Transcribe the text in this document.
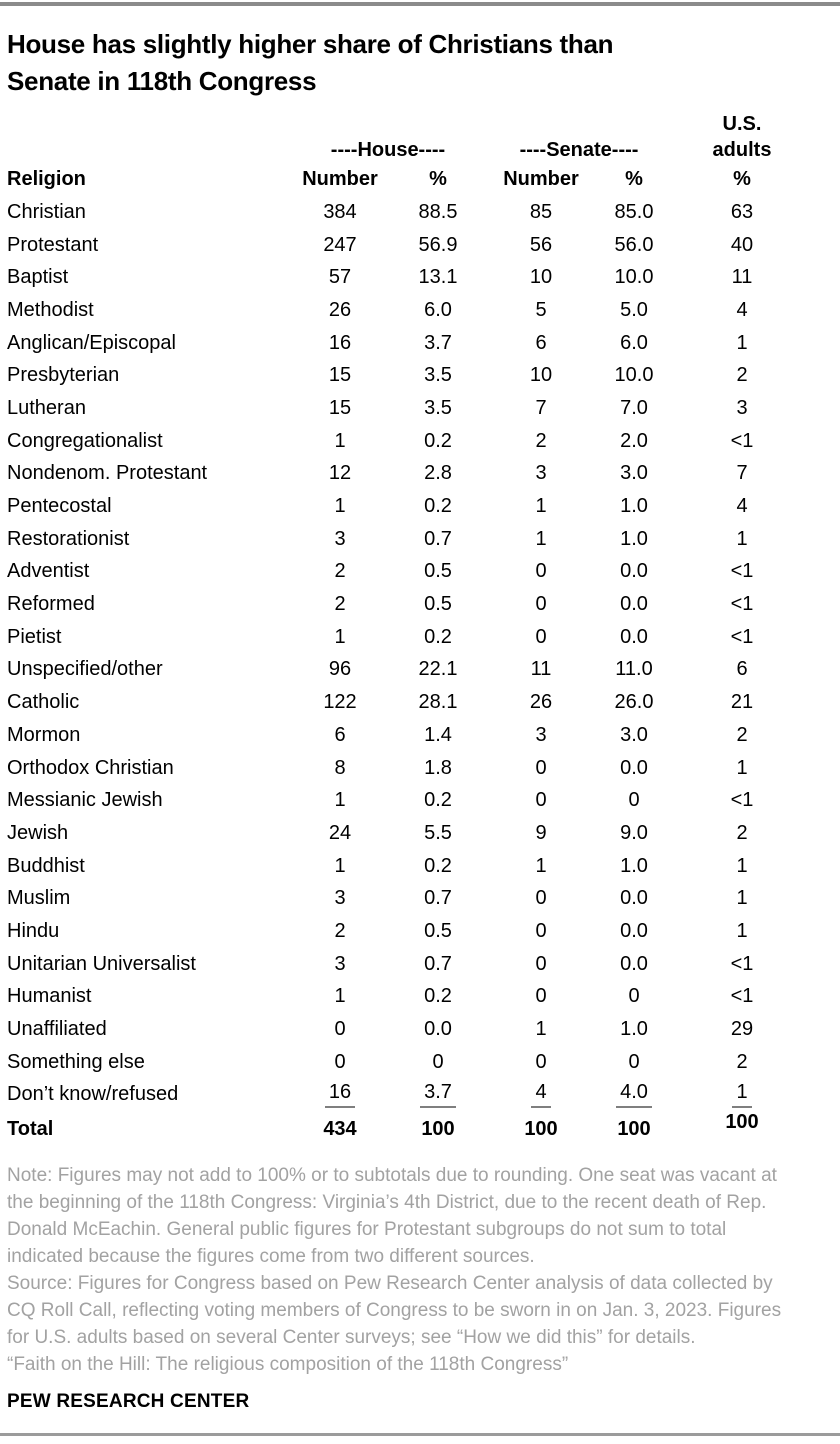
House has slightly higher share of Christians than
Senate in 118th Congress
					U.S.
	----House----		----Senate----		adults
Religion	Number	%	Number	%	%
Christian	384	88.5	85	85.0	63
Protestant	247	56.9	56	56.0	40
Baptist	57	13.1	10	10.0	11
Methodist	26	6.0	5	5.0	4
Anglican/Episcopal	16	3.7	6	6.0	1
Presbyterian	15	3.5	10	10.0	2
Lutheran	15	3.5	7	7.0	3
Congregationalist	1	0.2	2	2.0	<1
Nondenom. Protestant	12	2.8	3	3.0	7
Pentecostal	1	0.2	1	1.0	4
Restorationist	3	0.7	1	1.0	1
Adventist	2	0.5	0	0.0	<1
Reformed	2	0.5	0	0.0	<1
Pietist	1	0.2	0	0.0	<1
Unspecified/other	96	22.1	11	11.0	6
Catholic	122	28.1	26	26.0	21
Mormon	6	1.4	3	3.0	2
Orthodox Christian	8	1.8	0	0.0	1
Messianic Jewish	1	0.2	0	0	<1
Jewish	24	5.5	9	9.0	2
Buddhist	1	0.2	1	1.0	1
Muslim	3	0.7	0	0.0	1
Hindu	2	0.5	0	0.0	1
Unitarian Universalist	3	0.7	0	0.0	<1
Humanist	1	0.2	0	0	<1
Unaffiliated	0	0.0	1	1.0	29
Something else	0	0	0	0	2
Don’t know/refused	16	3.7	4	4.0	1
Total	434	100	100	100	100
Note: Figures may not add to 100% or to subtotals due to rounding. One seat was vacant at
the beginning of the 118th Congress: Virginia’s 4th District, due to the recent death of Rep.
Donald McEachin. General public figures for Protestant subgroups do not sum to total
indicated because the figures come from two different sources.
Source: Figures for Congress based on Pew Research Center analysis of data collected by
CQ Roll Call, reflecting voting members of Congress to be sworn in on Jan. 3, 2023. Figures
for U.S. adults based on several Center surveys; see “How we did this” for details.
“Faith on the Hill: The religious composition of the 118th Congress”
PEW RESEARCH CENTER
